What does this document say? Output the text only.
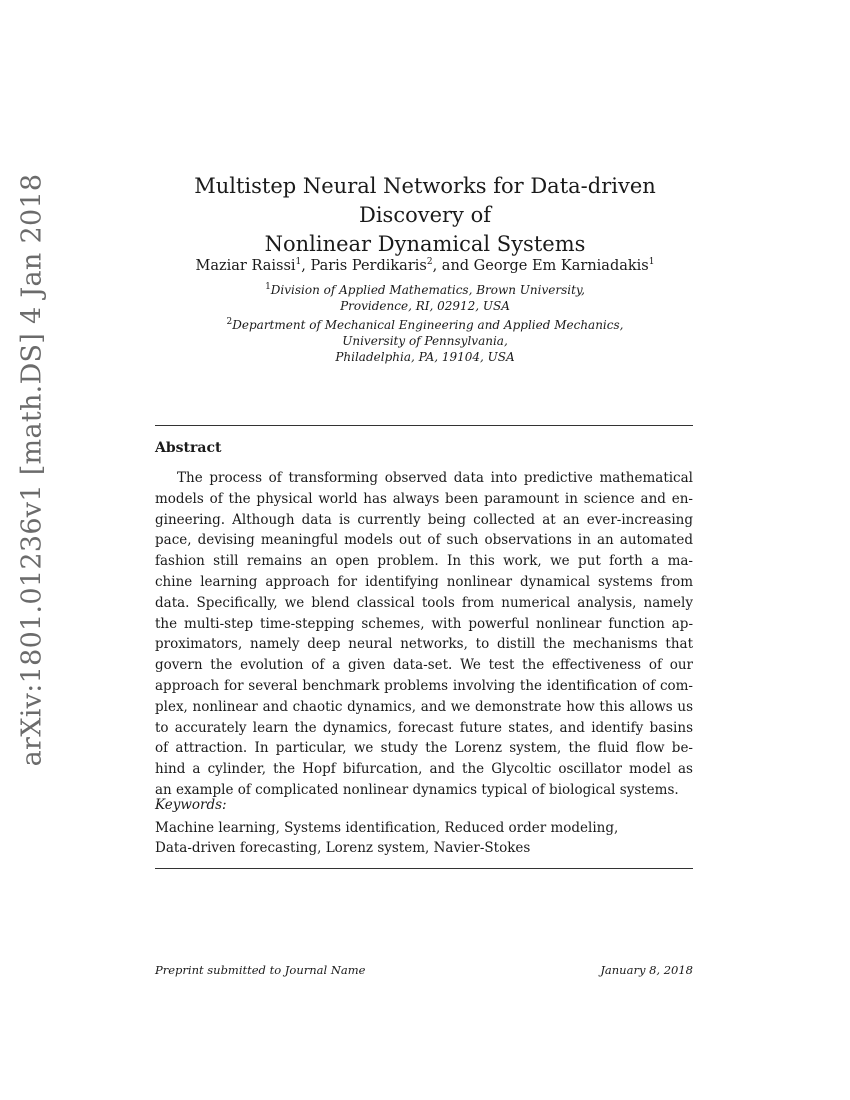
arXiv:1801.01236v1 [math.DS] 4 Jan 2018	Multistep Neural Networks for Data-driven Discovery of
Nonlinear Dynamical Systems
Maziar Raissi$^1$, Paris Perdikaris$^2$, and George Em Karniadakis$^1$
$^1$Division of Applied Mathematics, Brown University,
Providence, RI, 02912, USA
$^2$Department of Mechanical Engineering and Applied Mechanics,
University of Pennsylvania,
Philadelphia, PA, 19104, USA
Abstract
The process of transforming observed data into predictive mathematical
models of the physical world has always been paramount in science and en-
gineering. Although data is currently being collected at an ever-increasing
pace, devising meaningful models out of such observations in an automated
fashion still remains an open problem. In this work, we put forth a ma-
chine learning approach for identifying nonlinear dynamical systems from
data. Specifically, we blend classical tools from numerical analysis, namely
the multi-step time-stepping schemes, with powerful nonlinear function ap-
proximators, namely deep neural networks, to distill the mechanisms that
govern the evolution of a given data-set. We test the effectiveness of our
approach for several benchmark problems involving the identification of com-
plex, nonlinear and chaotic dynamics, and we demonstrate how this allows us
to accurately learn the dynamics, forecast future states, and identify basins
of attraction. In particular, we study the Lorenz system, the fluid flow be-
hind a cylinder, the Hopf bifurcation, and the Glycoltic oscillator model as
an example of complicated nonlinear dynamics typical of biological systems.
Keywords:
Machine learning, Systems identification, Reduced order modeling,
Data-driven forecasting, Lorenz system, Navier-Stokes
Preprint submitted to Journal Name	January 8, 2018
